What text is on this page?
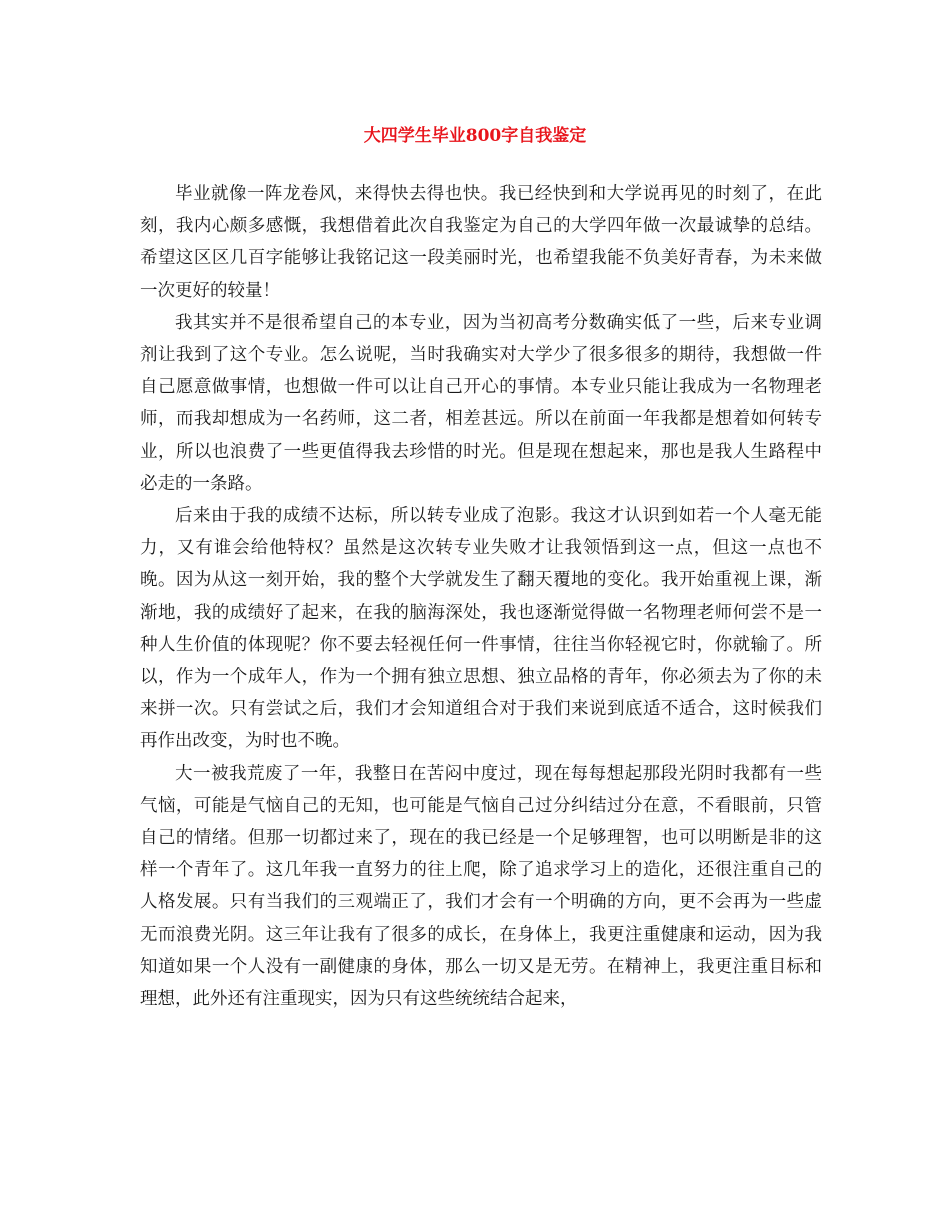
大四学生毕业800字自我鉴定

毕业就像一阵龙卷风，来得快去得也快。我已经快到和大学说再见的时刻了，在此刻，我内心颇多感慨，我想借着此次自我鉴定为自己的大学四年做一次最诚挚的总结。希望这区区几百字能够让我铭记这一段美丽时光，也希望我能不负美好青春，为未来做一次更好的较量！

我其实并不是很希望自己的本专业，因为当初高考分数确实低了一些，后来专业调剂让我到了这个专业。怎么说呢，当时我确实对大学少了很多很多的期待，我想做一件自己愿意做事情，也想做一件可以让自己开心的事情。本专业只能让我成为一名物理老师，而我却想成为一名药师，这二者，相差甚远。所以在前面一年我都是想着如何转专业，所以也浪费了一些更值得我去珍惜的时光。但是现在想起来，那也是我人生路程中必走的一条路。

后来由于我的成绩不达标，所以转专业成了泡影。我这才认识到如若一个人毫无能力，又有谁会给他特权？虽然是这次转专业失败才让我领悟到这一点，但这一点也不晚。因为从这一刻开始，我的整个大学就发生了翻天覆地的变化。我开始重视上课，渐渐地，我的成绩好了起来，在我的脑海深处，我也逐渐觉得做一名物理老师何尝不是一种人生价值的体现呢？你不要去轻视任何一件事情，往往当你轻视它时，你就输了。所以，作为一个成年人，作为一个拥有独立思想、独立品格的青年，你必须去为了你的未来拼一次。只有尝试之后，我们才会知道组合对于我们来说到底适不适合，这时候我们再作出改变，为时也不晚。

大一被我荒废了一年，我整日在苦闷中度过，现在每每想起那段光阴时我都有一些气恼，可能是气恼自己的无知，也可能是气恼自己过分纠结过分在意，不看眼前，只管自己的情绪。但那一切都过来了，现在的我已经是一个足够理智，也可以明断是非的这样一个青年了。这几年我一直努力的往上爬，除了追求学习上的造化，还很注重自己的人格发展。只有当我们的三观端正了，我们才会有一个明确的方向，更不会再为一些虚无而浪费光阴。这三年让我有了很多的成长，在身体上，我更注重健康和运动，因为我知道如果一个人没有一副健康的身体，那么一切又是无劳。在精神上，我更注重目标和理想，此外还有注重现实，因为只有这些统统结合起来，
